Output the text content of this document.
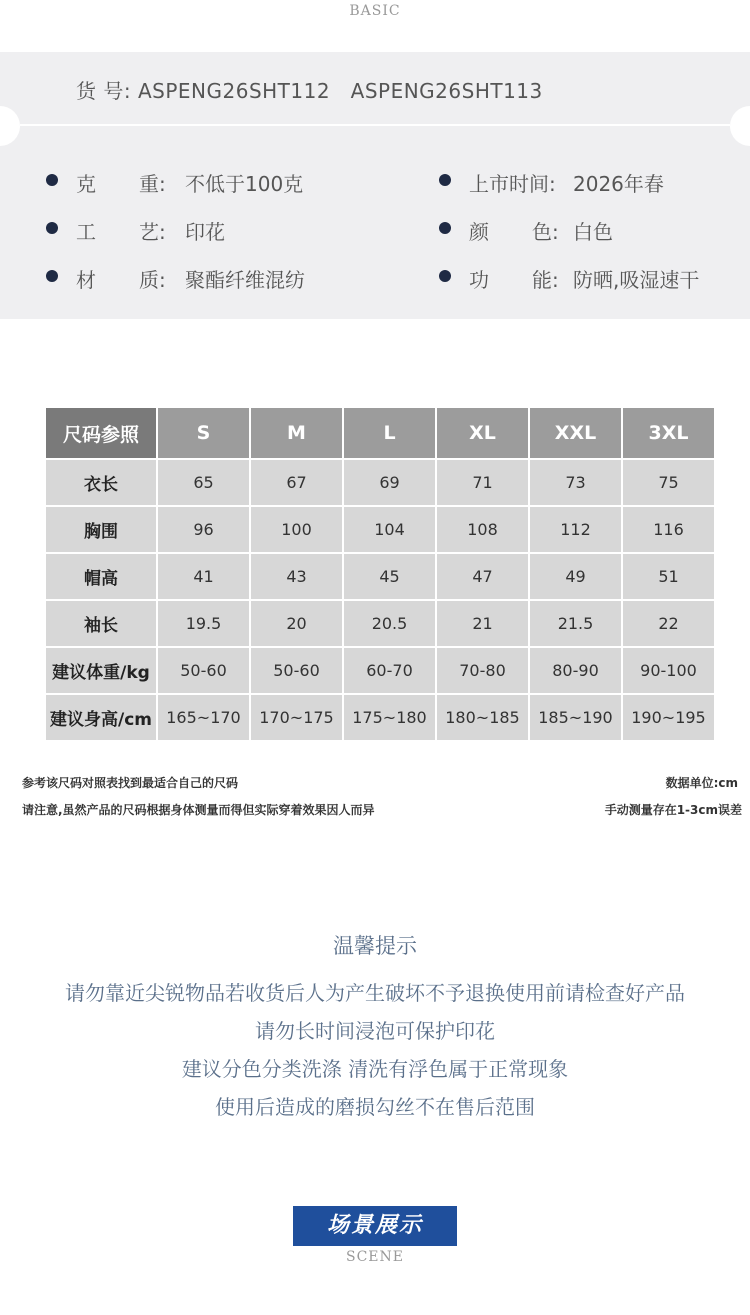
BASIC
货 号: ASPENG26SHT112   ASPENG26SHT113
克 重: 不低于100克
工 艺: 印花
材 质: 聚酯纤维混纺
上市时间: 2026年春
颜 色: 白色
功 能: 防晒,吸湿速干
尺码参照	S	M	L	XL	XXL	3XL
衣长	65	67	69	71	73	75
胸围	96	100	104	108	112	116
帽高	41	43	45	47	49	51
袖长	19.5	20	20.5	21	21.5	22
建议体重/kg	50-60	50-60	60-70	70-80	80-90	90-100
建议身高/cm	165~170	170~175	175~180	180~185	185~190	190~195
参考该尺码对照表找到最适合自己的尺码
请注意,虽然产品的尺码根据身体测量而得但实际穿着效果因人而异
数据单位:cm
手动测量存在1-3cm误差
温馨提示
请勿靠近尖锐物品若收货后人为产生破坏不予退换使用前请检查好产品
请勿长时间浸泡可保护印花
建议分色分类洗涤 清洗有浮色属于正常现象
使用后造成的磨损勾丝不在售后范围
场景展示
SCENE
